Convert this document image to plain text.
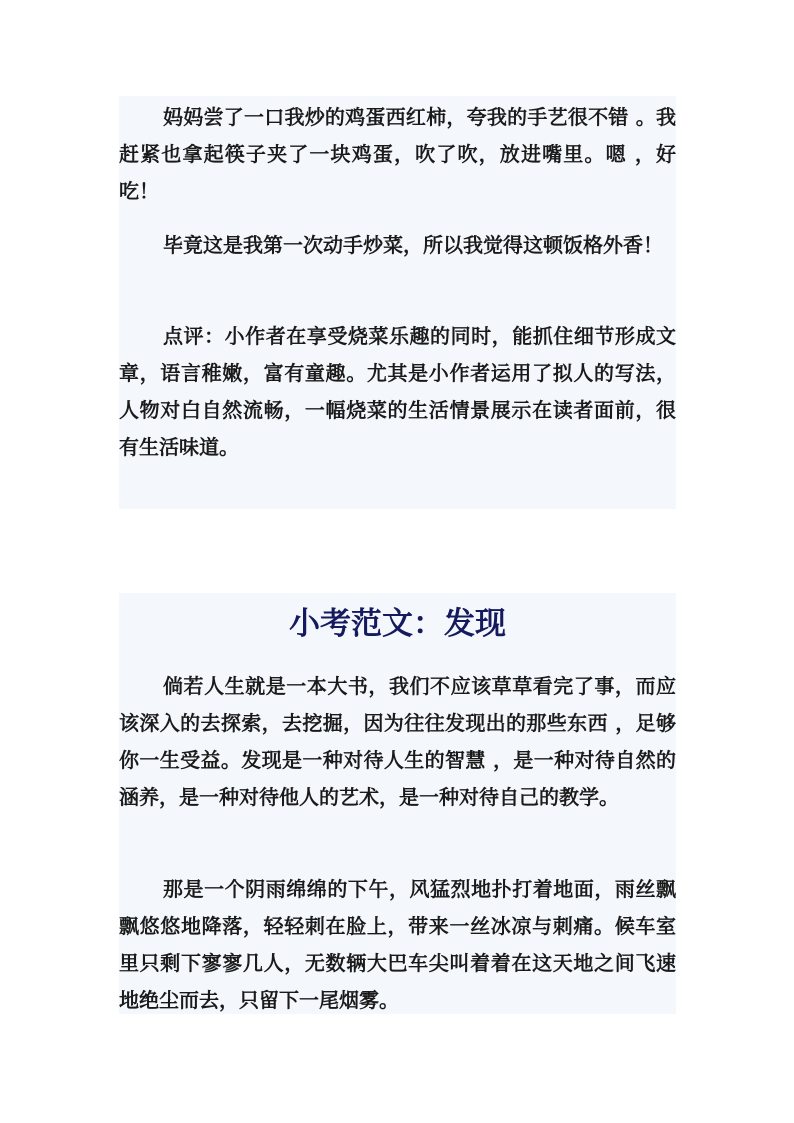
妈妈尝了一口我炒的鸡蛋西红柿，夸我的手艺很不错 。我赶紧也拿起筷子夹了一块鸡蛋，吹了吹，放进嘴里。嗯 ，好吃！

毕竟这是我第一次动手炒菜，所以我觉得这顿饭格外香！

点评：小作者在享受烧菜乐趣的同时，能抓住细节形成文章，语言稚嫩，富有童趣。尤其是小作者运用了拟人的写法，人物对白自然流畅，一幅烧菜的生活情景展示在读者面前，很有生活味道。

小考范文：发现

倘若人生就是一本大书，我们不应该草草看完了事，而应该深入的去探索，去挖掘，因为往往发现出的那些东西 ，足够你一生受益。发现是一种对待人生的智慧 ，是一种对待自然的涵养，是一种对待他人的艺术，是一种对待自己的教学。

那是一个阴雨绵绵的下午，风猛烈地扑打着地面，雨丝飘飘悠悠地降落，轻轻刺在脸上，带来一丝冰凉与刺痛。候车室里只剩下寥寥几人，无数辆大巴车尖叫着着在这天地之间飞速地绝尘而去，只留下一尾烟雾。
